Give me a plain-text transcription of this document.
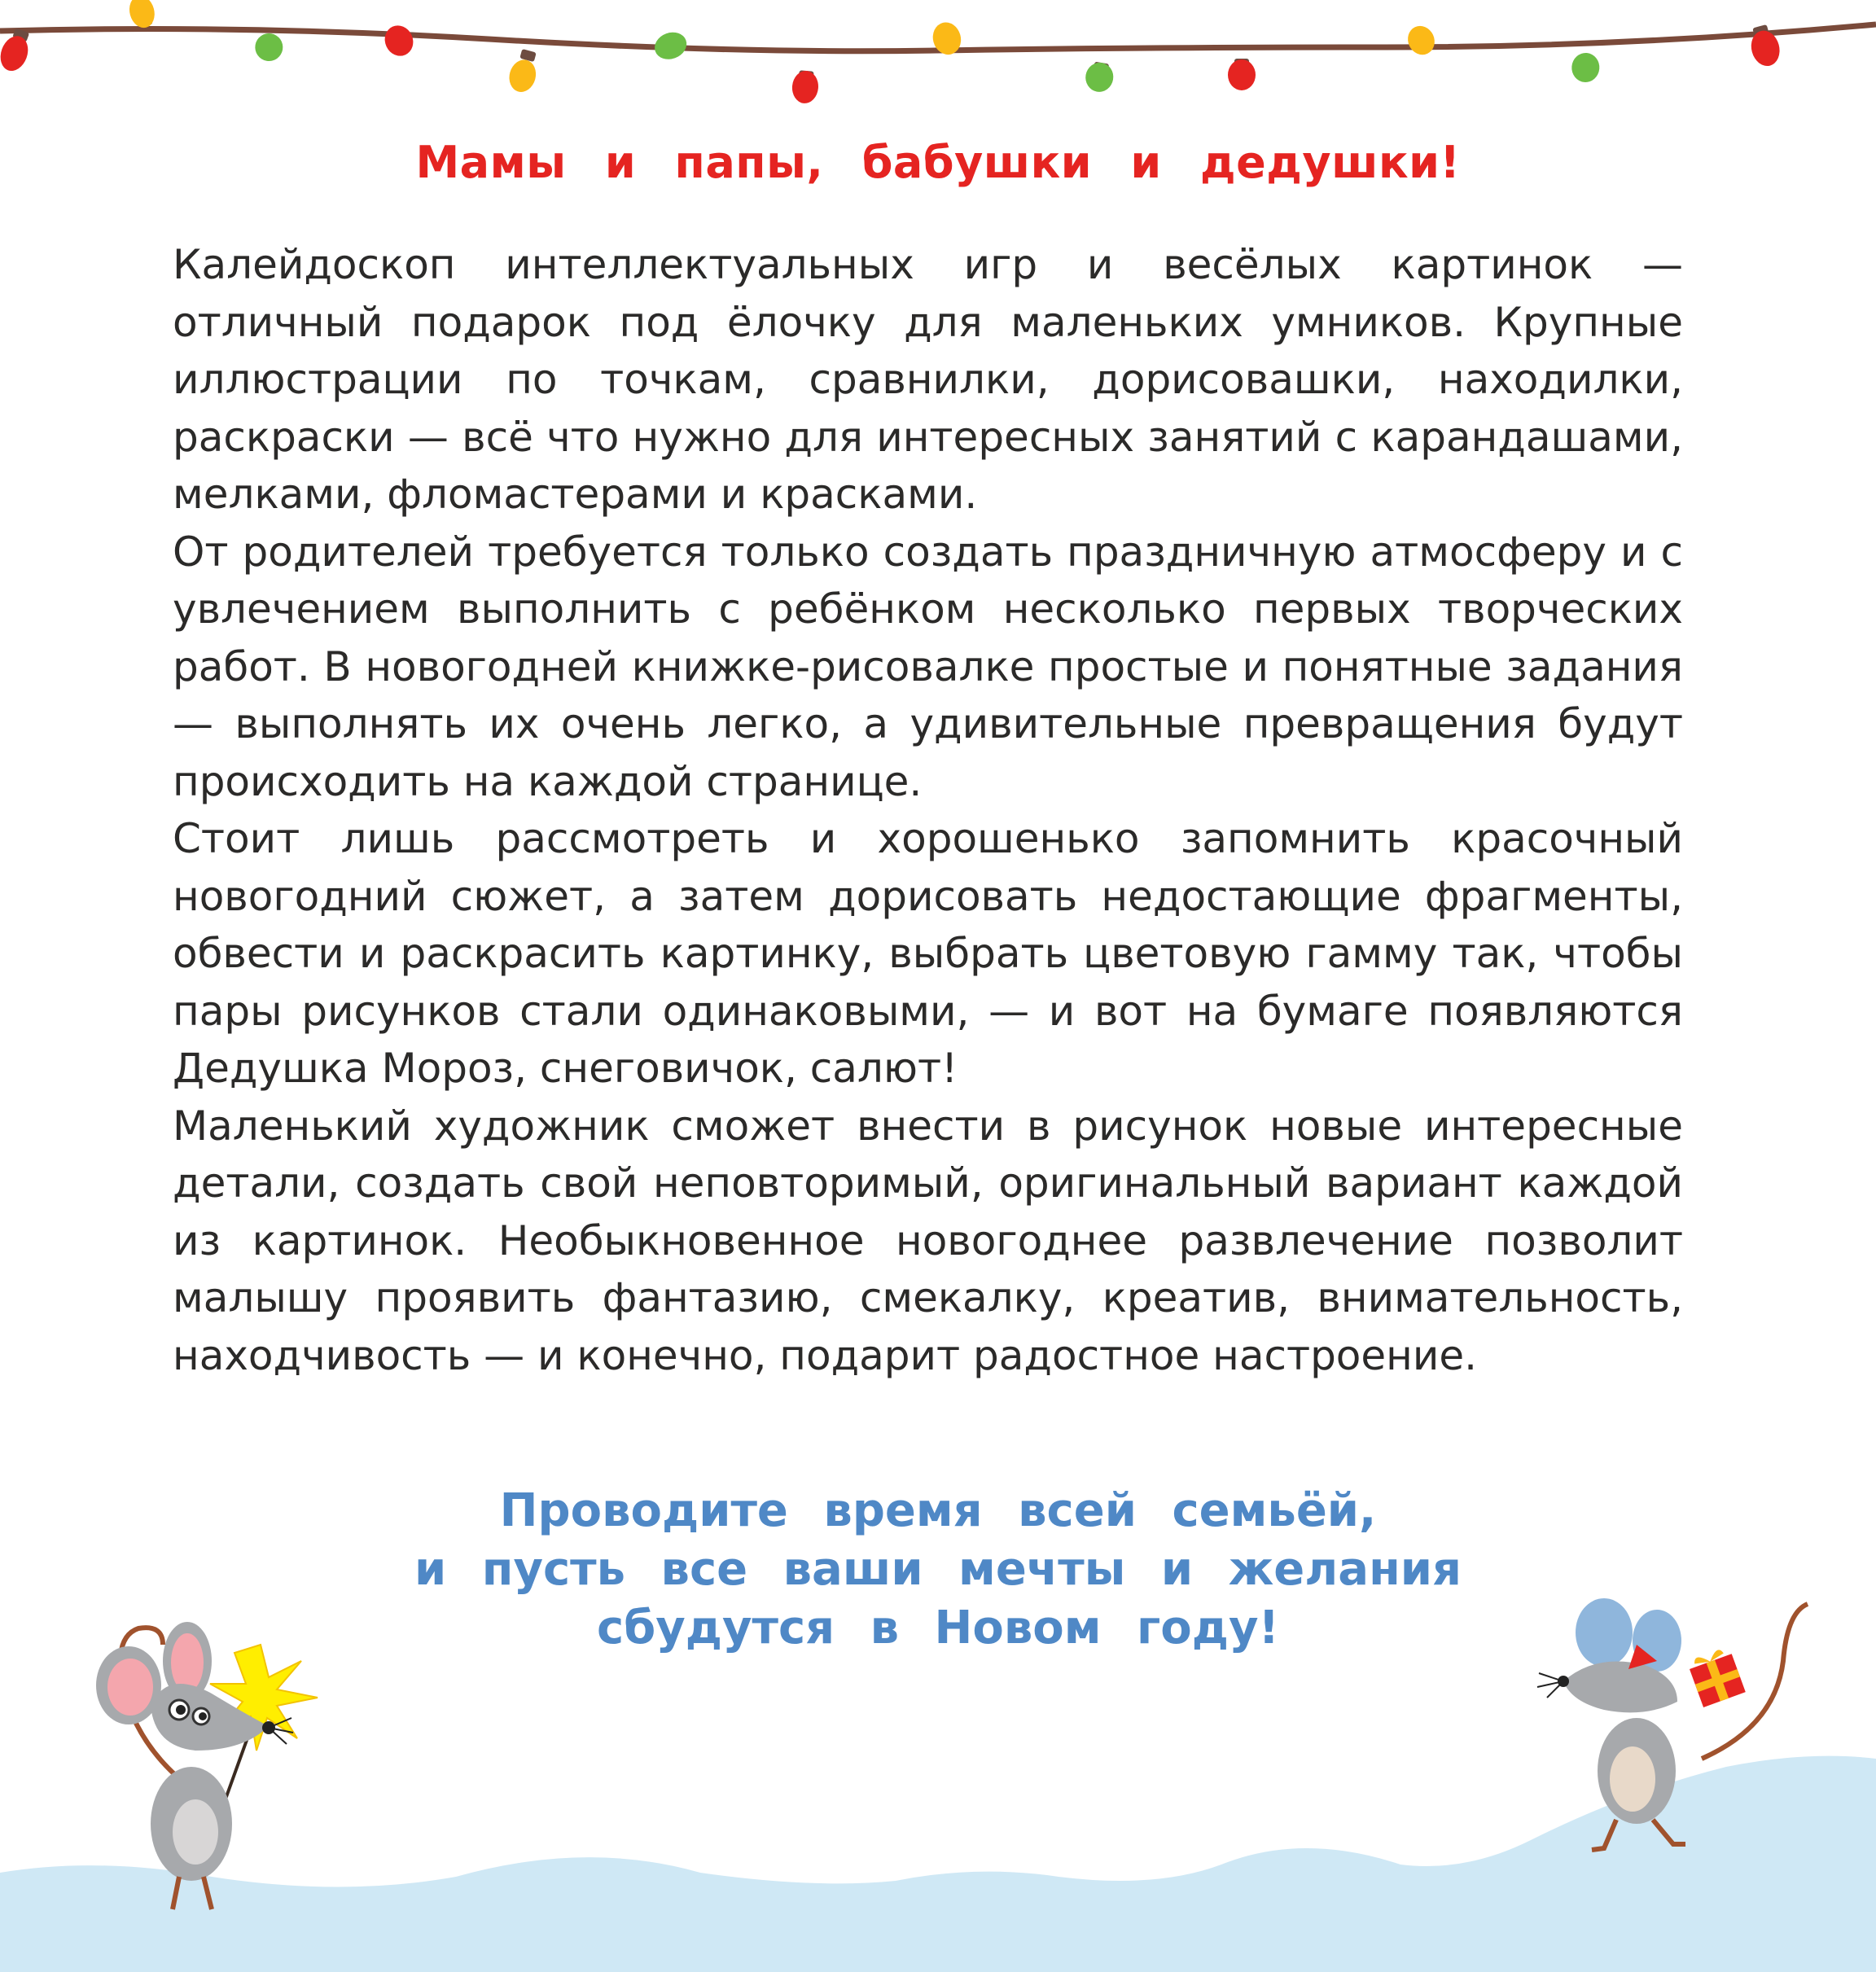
Мамы и папы, бабушки и дедушки!

Калейдоскоп интеллектуальных игр и весёлых картинок — отличный подарок под ёлочку для маленьких умников. Крупные иллюстрации по точкам, сравнилки, дорисовашки, находилки, раскраски — всё что нужно для интересных занятий с карандашами, мелками, фломастерами и красками.

От родителей требуется только создать праздничную атмосферу и с увлечением выполнить с ребёнком несколько первых творческих работ. В новогодней книжке-рисовалке простые и понятные задания — выполнять их очень легко, а удивительные превращения будут происходить на каждой странице.

Стоит лишь рассмотреть и хорошенько запомнить красочный новогодний сюжет, а затем дорисовать недостающие фрагменты, обвести и раскрасить картинку, выбрать цветовую гамму так, чтобы пары рисунков стали одинаковыми, — и вот на бумаге появляются Дедушка Мороз, снеговичок, салют!

Маленький художник сможет внести в рисунок новые интересные детали, создать свой неповторимый, оригинальный вариант каждой из картинок. Необыкновенное новогоднее развлечение позволит малышу проявить фантазию, смекалку, креатив, внимательность, находчивость — и конечно, подарит радостное настроение.

Проводите время всей семьёй,
и пусть все ваши мечты и желания
сбудутся в Новом году!
